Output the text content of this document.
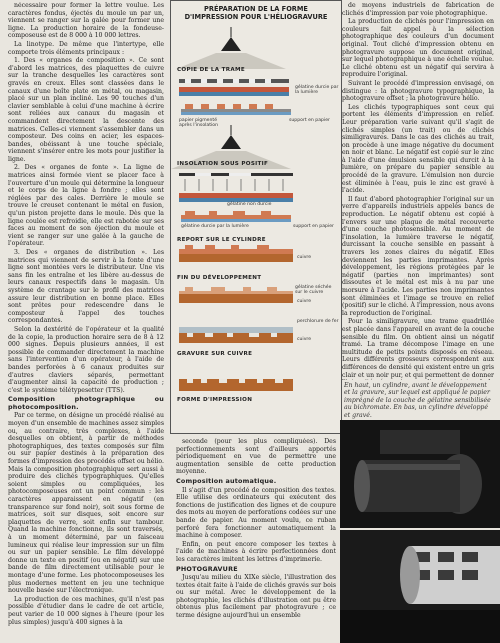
nécessaire pour former la lettre voulue. Les caractères fondus, éjectés du moule un par un, viennent se ranger sur la galée pour former une ligne. La production horaire de la fondeuse-composeuse est de 8 000 à 10 000 lettres.

La linotype. De même que l'intertype, elle comporte trois éléments principaux :

1. Des « organes de composition ». Ce sont d'abord les matrices, des plaquettes de cuivre sur la tranche desquelles les caractères sont gravés en creux. Elles sont classées dans le canaux d'une boîte plate en métal, ou magasin, placé sur un plan incliné. Les 90 touches d'un clavier semblable à celui d'une machine à écrire sont reliées aux canaux du magasin et commandent directement la descente des matrices. Celles-ci viennent s'assembler dans un composteur. Des coins en acier, les espaces-bandes, obéissant à une touche spéciale, viennent s'insérer entre les mots pour justifier la ligne.

2. Des « organes de fonte ». La ligne de matrices ainsi formée vient se placer face à l'ouverture d'un moule qui détermine la longueur et le corps de la ligne à fondre ; elles sont réglées par des cales. Derrière le moule se trouve le creuset contenant le métal en fusion, qu'un piston projette dans le moule. Dès que la ligne coulée est refroidie, elle est rabotée sur ses faces au moment de son éjection du moule et vient se ranger sur une galée à la gauche de l'opérateur.

3. Des « organes de distribution ». Les matrices qui viennent de servir à la fonte d'une ligne sont montées vers le distributeur. Une vis sans fin les entraîne et les libère au-dessus de leurs canaux respectifs dans le magasin. Un système de crantage sur le profil des matrices assure leur distribution en bonne place. Elles sont prêtes pour redescendre dans le composteur à l'appel des touches correspondantes.

Selon la dextérité de l'opérateur et la qualité de la copie, la production horaire sera de 8 à 12 000 signes. Depuis plusieurs années, il est possible de commander directement la machine sans l'intervention d'un opérateur, à l'aide de bandes perforées à 6 canaux produites sur d'autres claviers séparés, permettant d'augmenter ainsi la capacité de production ; c'est le système télétypesetter (TTS).

Composition photographique ou photocomposition.

Par ce terme, on désigne un procédé réalisé au moyen d'un ensemble de machines assez simples ou, au contraire, très complexes, à l'aide desquelles on obtient, à partir de méthodes photographiques, des textes composés sur film ou sur papier destinés à la préparation des formes d'impression des procédés offset ou hélio. Mais la composition photographique sert aussi à produire des clichés typographiques. Qu'elles soient simples ou compliquées, les photocomposeuses ont un point commun : les caractères apparaissent en négatif (en transparence sur fond noir), soit sous forme de matrices, soit sur disques, soit encore sur plaquettes de verre, soit enfin sur tambour. Quand la machine fonctionne, ils sont traversés, à un moment déterminé, par un faisceau lumineux qui réalise leur impression sur un film ou sur un papier sensible. Le film développé donne un texte en positif (ou en négatif) sur une bande de film directement utilisable pour le montage d'une forme. Les photocomposeuses les plus modernes mettent en jeu une technique nouvelle basée sur l'électronique.

La production de ces machines, qu'il n'est pas possible d'étudier dans le cadre de cet article, peut varier de 10 000 signes à l'heure (pour les plus simples) jusqu'à 400 signes à la

PRÉPARATION DE LA FORME
D'IMPRESSION POUR L'HÉLIOGRAVURE
COPIE DE LA TRAME
gélatine durcie par la lumière
papier pigmenté après l'insolation
support en papier
INSOLATION SOUS POSITIF
gélatine non durcie
gélatine durcie par la lumière	support en papier
REPORT SUR LE CYLINDRE
cuivre
FIN DU DÉVELOPPEMENT
gélatine séchée sur le cuivre
cuivre
GRAVURE SUR CUIVRE
perchlorure de fer
cuivre
FORME D'IMPRESSION

seconde (pour les plus compliquées). Des perfectionnements sont d'ailleurs apportés périodiquement en vue de permettre une augmentation sensible de cette production moyenne.

Composition automatique.

Il s'agit d'un procédé de composition des textes. Elle utilise des ordinateurs qui exécutent des fonctions de justification des lignes et de coupure des mots au moyen de perforations codées sur une bande de papier. Au moment voulu, ce ruban perforé fera fonctionner automatiquement la machine à composer.

Enfin, on peut encore composer les textes à l'aide de machines à écrire perfectionnées dont les caractères imitent les lettres d'imprimerie.

PHOTOGRAVURE

Jusqu'au milieu du XIXe siècle, l'illustration des textes était faite à l'aide de clichés gravés sur bois ou sur métal. Avec le développement de la photographie, les clichés d'illustration ont pu être obtenus plus facilement par photogravure ; ce terme désigne aujourd'hui un ensemble

de moyens industriels de fabrication de clichés d'impression par voie photographique.

La production de clichés pour l'impression en couleurs fait appel à la sélection photographique des couleurs d'un document original. Tout cliché d'impression obtenu en photogravure suppose un document original, sur lequel photographique à une échelle voulue. Le cliché obtenu est un négatif qui servira à reproduire l'original.

Suivant le procédé d'impression envisagé, on distingue : la photogravure typographique, la photogravure offset ; la photogravure hélio.

Les clichés typographiques sont ceux qui portent les éléments d'impression en relief. Leur préparation varie suivant qu'il s'agit de clichés simples (un trait) ou de clichés similigravures. Dans le cas des clichés au trait, on procède à une image négative du document en noir et blanc. Le négatif est copié sur le zinc à l'aide d'une émulsion sensible qui durcit à la lumière, on prépare du papier sensible au procédé de la gravure. L'émulsion non durcie est éliminée à l'eau, puis le zinc est gravé à l'acide.

Il faut d'abord photographier l'original sur un verre d'appareils industriels appelés bancs de reproduction. Le négatif obtenu est copié à l'envers sur une plaque de métal recouverte d'une couche photosensible. Au moment de l'insolation, la lumière traverse le négatif, durcissant la couche sensible en passant à travers les zones claires du négatif. Elles deviennent les parties imprimantes. Après développement, les régions protégées par le négatif (parties non imprimantes) sont dissoutes et le métal est mis à nu par une morsure à l'acide. Les parties non imprimantes sont éliminées et l'image se trouve en relief (positif) sur le cliché. À l'impression, nous avons la reproduction de l'original.

Pour la similigravure, une trame quadrillée est placée dans l'appareil en avant de la couche sensible du film. On obtient ainsi un négatif tramé. La trame décompose l'image en une multitude de petits points disposés en réseau. Leurs différents grosseurs correspondent aux différences de densité qui existent entre un gris clair et un noir pur, et qui permettent de donner

En haut, un cylindre, avant le développement et la gravure, sur lequel est appliqué le papier imprégné de la couche de gélatine sensibilisée au bichromate. En bas, un cylindre développé et gravé.
